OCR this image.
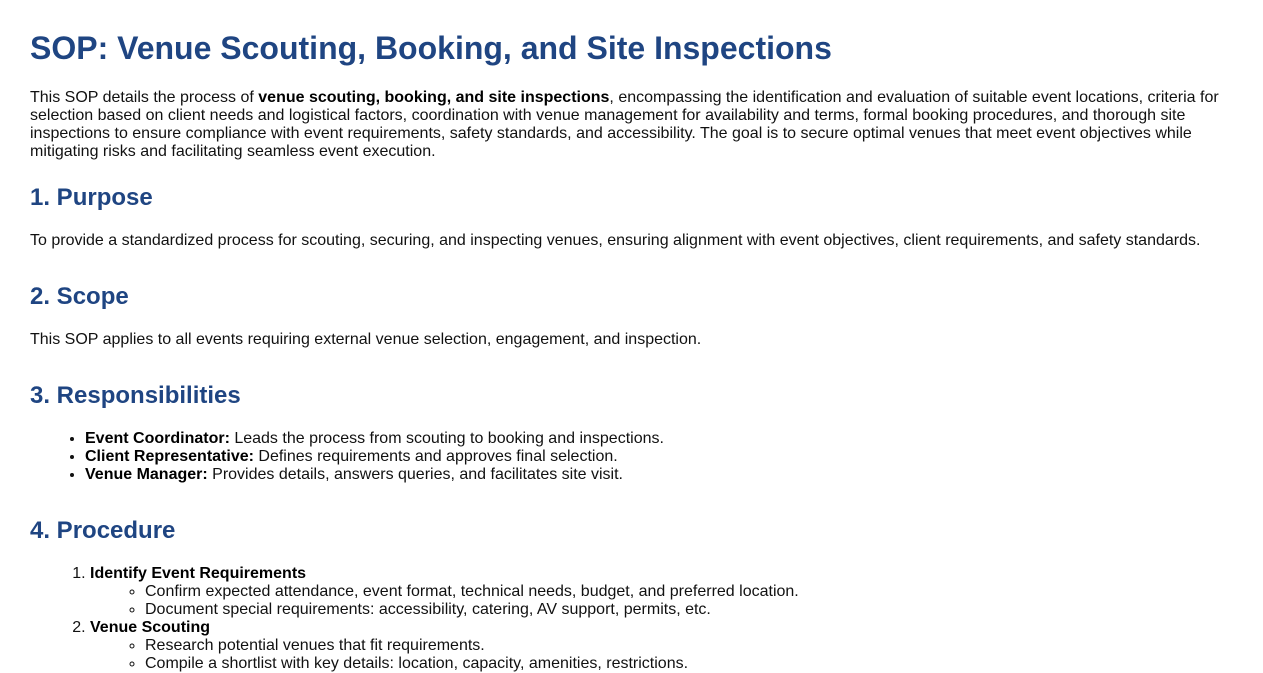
SOP: Venue Scouting, Booking, and Site Inspections

This SOP details the process of venue scouting, booking, and site inspections, encompassing the identification and evaluation of suitable event locations, criteria for selection based on client needs and logistical factors, coordination with venue management for availability and terms, formal booking procedures, and thorough site inspections to ensure compliance with event requirements, safety standards, and accessibility. The goal is to secure optimal venues that meet event objectives while mitigating risks and facilitating seamless event execution.

1. Purpose

To provide a standardized process for scouting, securing, and inspecting venues, ensuring alignment with event objectives, client requirements, and safety standards.

2. Scope

This SOP applies to all events requiring external venue selection, engagement, and inspection.

3. Responsibilities
• Event Coordinator: Leads the process from scouting to booking and inspections.
• Client Representative: Defines requirements and approves final selection.
• Venue Manager: Provides details, answers queries, and facilitates site visit.
4. Procedure
1. Identify Event Requirements
◦ Confirm expected attendance, event format, technical needs, budget, and preferred location.
◦ Document special requirements: accessibility, catering, AV support, permits, etc.
2. Venue Scouting
◦ Research potential venues that fit requirements.
◦ Compile a shortlist with key details: location, capacity, amenities, restrictions.
